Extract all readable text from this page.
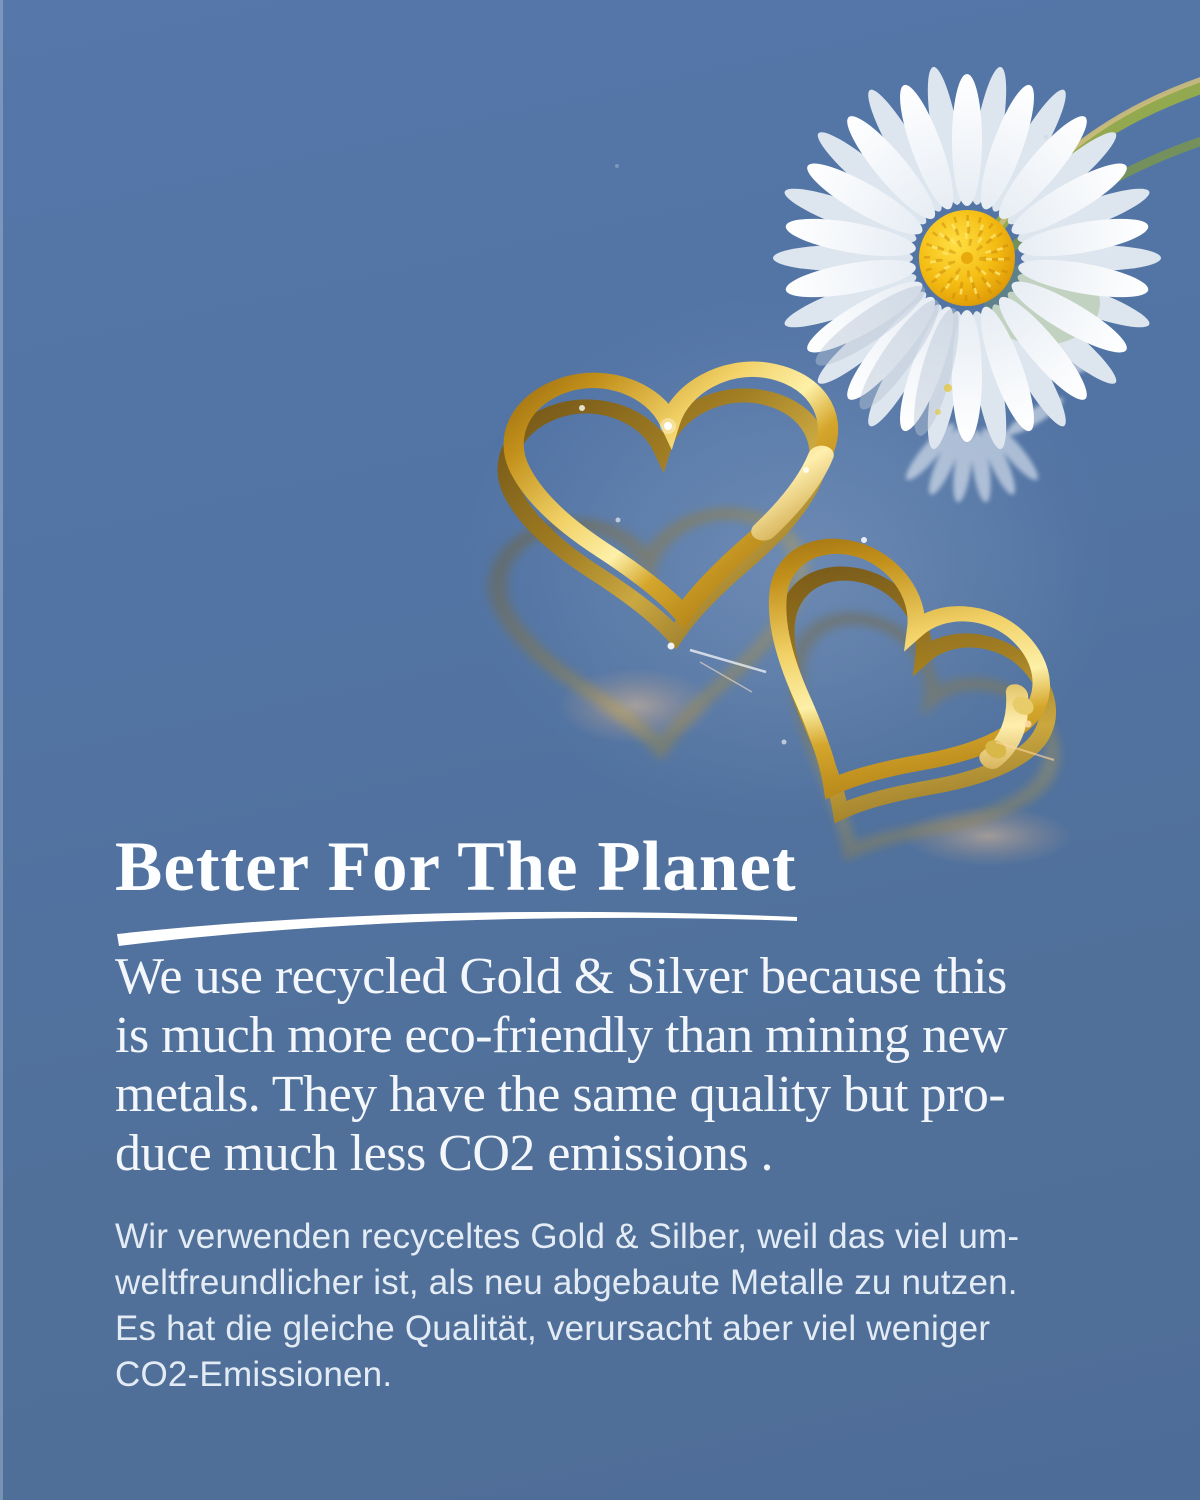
Better For The Planet

We use recycled Gold & Silver because this
is much more eco-friendly than mining new
metals. They have the same quality but pro-
duce much less CO2 emissions .

Wir verwenden recyceltes Gold & Silber, weil das viel um-
weltfreundlicher ist, als neu abgebaute Metalle zu nutzen.
Es hat die gleiche Qualität, verursacht aber viel weniger
CO2-Emissionen.
